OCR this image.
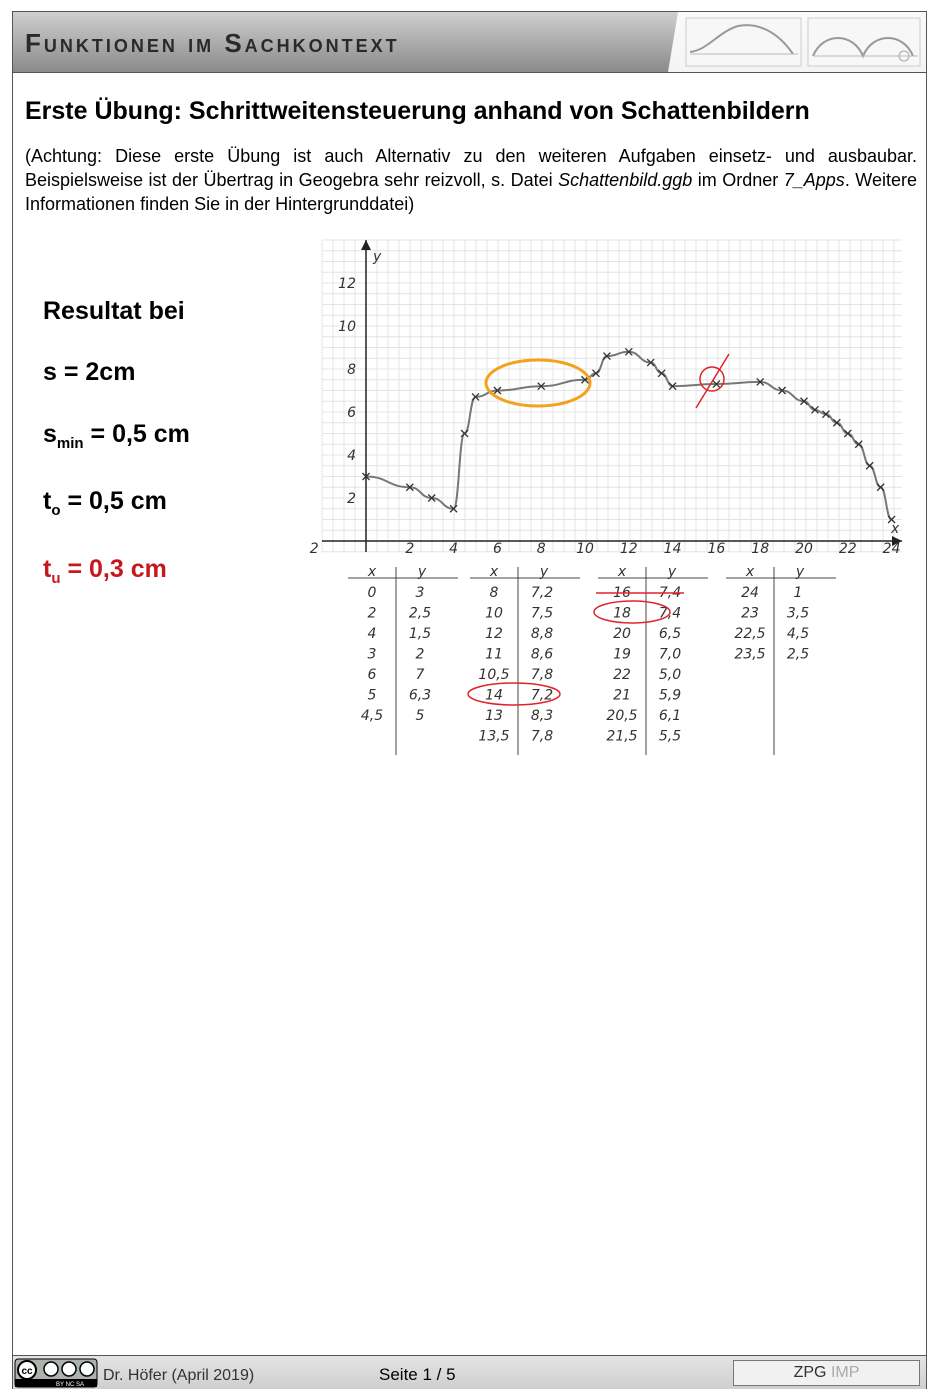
Funktionen im Sachkontext
Erste Übung: Schrittweitensteuerung anhand von Schattenbildern
(Achtung: Diese erste Übung ist auch Alternativ zu den weiteren Aufgaben einsetz- und ausbaubar. Beispielsweise ist der Übertrag in Geogebra sehr reizvoll, s. Datei Schattenbild.ggb im Ordner 7_Apps. Weitere Informationen finden Sie in der Hintergrunddatei)
Resultat bei
s = 2cm
$s_{min} = 0,5$ cm
$t_o = 0,5$ cm
$t_u = 0,3$ cm
x
y
2	2 4 6 8 10 12 14 16 18 20 22 24
2
4
6
8
10
12
x	y
0	3
2 2,5
4 1,5
3	2
6	7
5 6,3
4,5 5
x	y
8 7,2
10 7,5
12 8,8
11 8,6
10,5 7,8
14 7,2
13 8,3
13,5 7,8
x	y
16 7,4
18 7,4
20 6,5
19 7,0
22 5,0
21 5,9
20,5 6,1
21,5 5,5
x	y
24 1
23 3,5
22,5 4,5
23,5 2,5
cc
BY NC SA
Dr. Höfer (April 2019)	Seite 1 / 5	ZPG IMP
